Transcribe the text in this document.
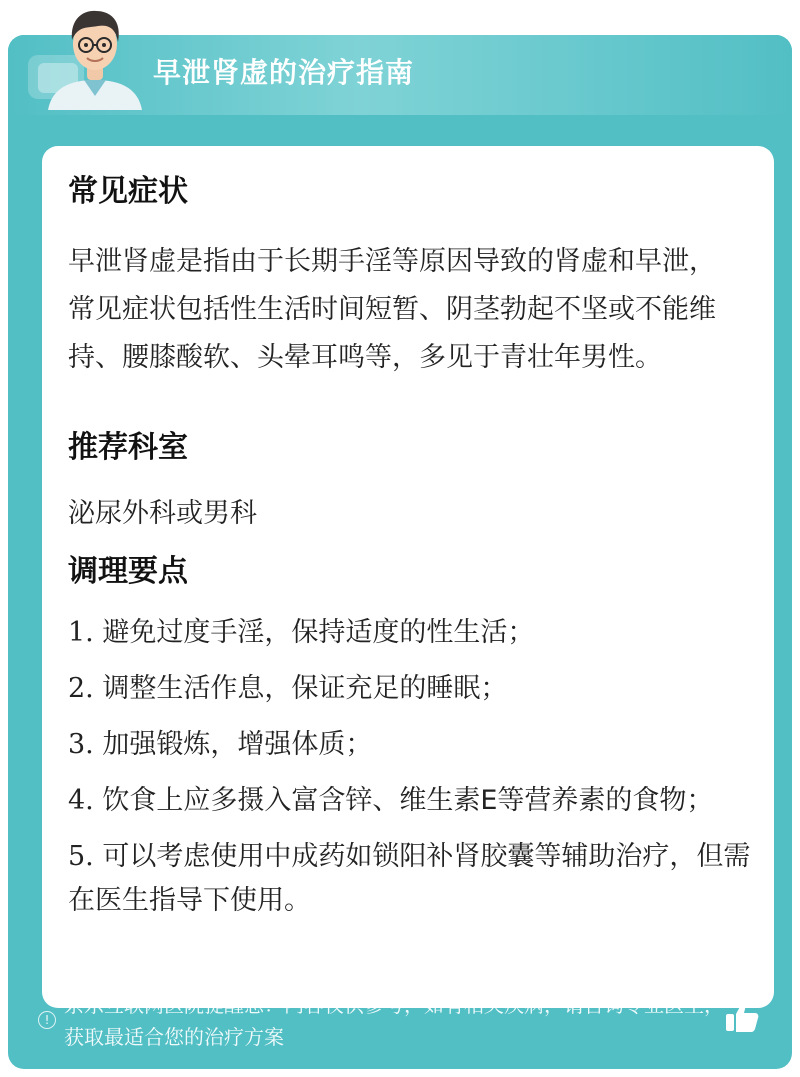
早泄肾虚的治疗指南
常见症状

早泄肾虚是指由于长期手淫等原因导致的肾虚和早泄，常见症状包括性生活时间短暂、阴茎勃起不坚或不能维持、腰膝酸软、头晕耳鸣等，多见于青壮年男性。

推荐科室

泌尿外科或男科

调理要点
1. 避免过度手淫，保持适度的性生活；
2. 调整生活作息，保证充足的睡眠；
3. 加强锻炼，增强体质；
4. 饮食上应多摄入富含锌、维生素E等营养素的食物；
5. 可以考虑使用中成药如锁阳补肾胶囊等辅助治疗，但需在医生指导下使用。
!
京东互联网医院提醒您：内容仅供参考，如有相关疾病，请咨询专业医生，获取最适合您的治疗方案
